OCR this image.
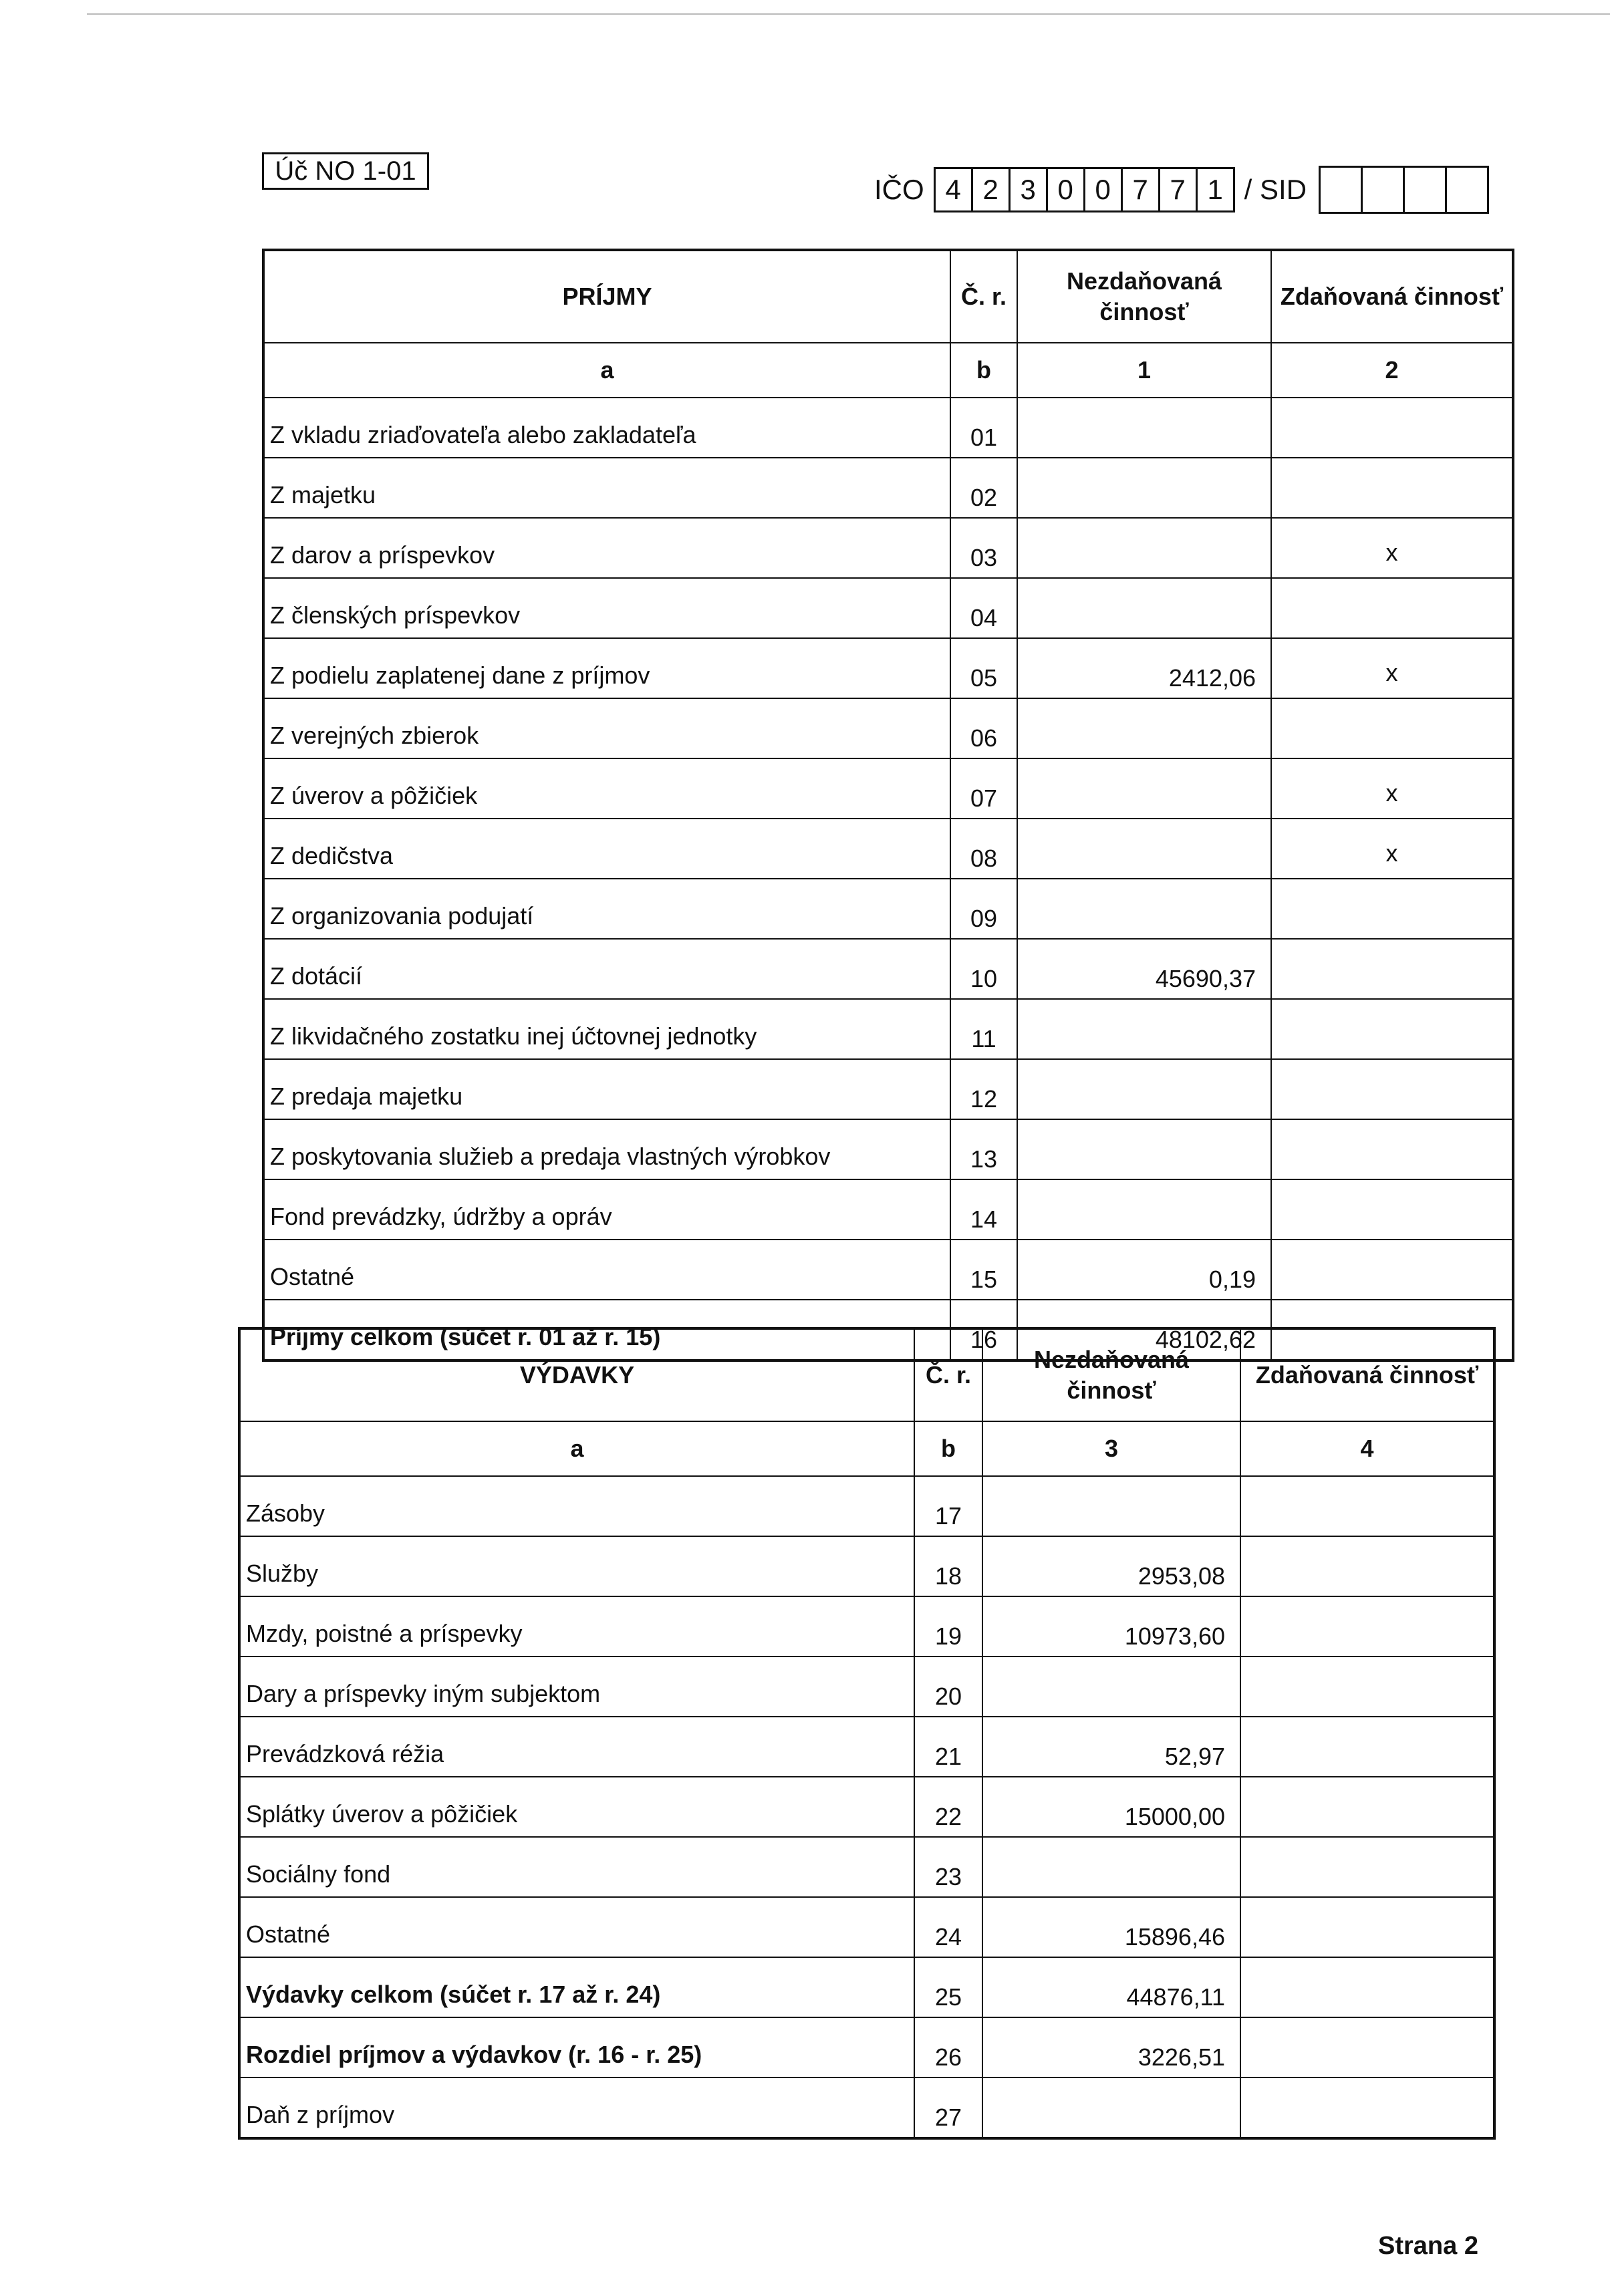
Úč NO 1-01
IČO 4 2 3 0 0 7 7 1 / SID
PRÍJMY	Č. r.	Nezdaňovaná činnosť	Zdaňovaná činnosť
a	b	1	2
Z vkladu zriaďovateľa alebo zakladateľa	01		
Z majetku	02		
Z darov a príspevkov	03		x
Z členských príspevkov	04		
Z podielu zaplatenej dane z príjmov	05	2412,06	x
Z verejných zbierok	06		
Z úverov a pôžičiek	07		x
Z dedičstva	08		x
Z organizovania podujatí	09		
Z dotácií	10	45690,37	
Z likvidačného zostatku inej účtovnej jednotky	11		
Z predaja majetku	12		
Z poskytovania služieb a predaja vlastných výrobkov	13		
Fond prevádzky, údržby a opráv	14		
Ostatné	15	0,19	
Príjmy celkom (súčet r. 01 až r. 15)	16	48102,62	
VÝDAVKY	Č. r.	Nezdaňovaná činnosť	Zdaňovaná činnosť
a	b	3	4
Zásoby	17		
Služby	18	2953,08	
Mzdy, poistné a príspevky	19	10973,60	
Dary a príspevky iným subjektom	20		
Prevádzková réžia	21	52,97	
Splátky úverov a pôžičiek	22	15000,00	
Sociálny fond	23		
Ostatné	24	15896,46	
Výdavky celkom (súčet r. 17 až r. 24)	25	44876,11	
Rozdiel príjmov a výdavkov (r. 16 - r. 25)	26	3226,51	
Daň z príjmov	27		
Strana 2
